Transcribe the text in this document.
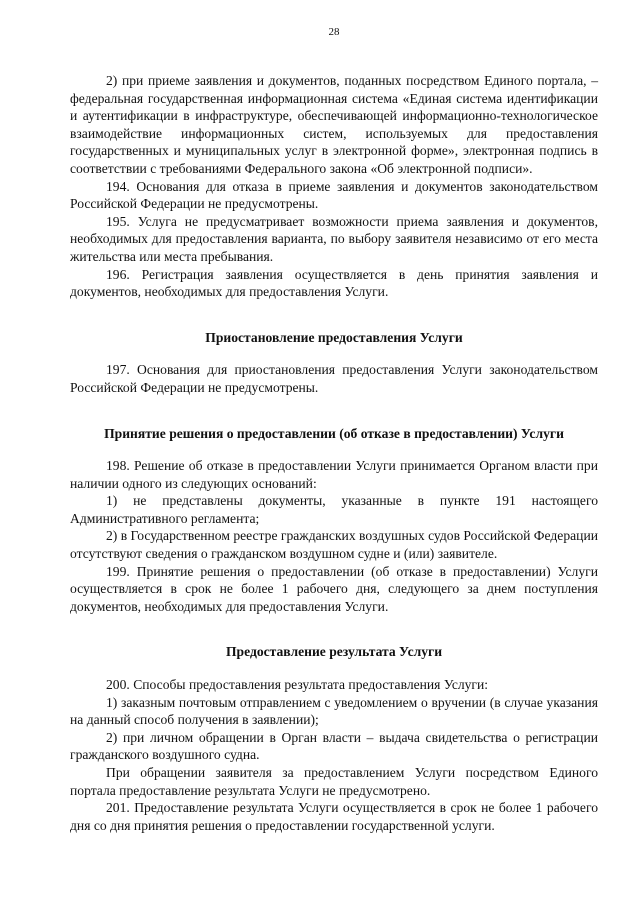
28

2) при приеме заявления и документов, поданных посредством Единого портала, – федеральная государственная информационная система «Единая система идентификации и аутентификации в инфраструктуре, обеспечивающей информационно-технологическое взаимодействие информационных систем, используемых для предоставления государственных и муниципальных услуг в электронной форме», электронная подпись в соответствии с требованиями Федерального закона «Об электронной подписи».

194. Основания для отказа в приеме заявления и документов законодательством Российской Федерации не предусмотрены.

195. Услуга не предусматривает возможности приема заявления и документов, необходимых для предоставления варианта, по выбору заявителя независимо от его места жительства или места пребывания.

196. Регистрация заявления осуществляется в день принятия заявления и документов, необходимых для предоставления Услуги.

Приостановление предоставления Услуги

197. Основания для приостановления предоставления Услуги законодательством Российской Федерации не предусмотрены.

Принятие решения о предоставлении (об отказе в предоставлении) Услуги

198. Решение об отказе в предоставлении Услуги принимается Органом власти при наличии одного из следующих оснований:

1) не представлены документы, указанные в пункте 191 настоящего Административного регламента;

2) в Государственном реестре гражданских воздушных судов Российской Федерации отсутствуют сведения о гражданском воздушном судне и (или) заявителе.

199. Принятие решения о предоставлении (об отказе в предоставлении) Услуги осуществляется в срок не более 1 рабочего дня, следующего за днем поступления документов, необходимых для предоставления Услуги.

Предоставление результата Услуги

200. Способы предоставления результата предоставления Услуги:

1) заказным почтовым отправлением с уведомлением о вручении (в случае указания на данный способ получения в заявлении);

2) при личном обращении в Орган власти – выдача свидетельства о регистрации гражданского воздушного судна.

При обращении заявителя за предоставлением Услуги посредством Единого портала предоставление результата Услуги не предусмотрено.

201. Предоставление результата Услуги осуществляется в срок не более 1 рабочего дня со дня принятия решения о предоставлении государственной услуги.
